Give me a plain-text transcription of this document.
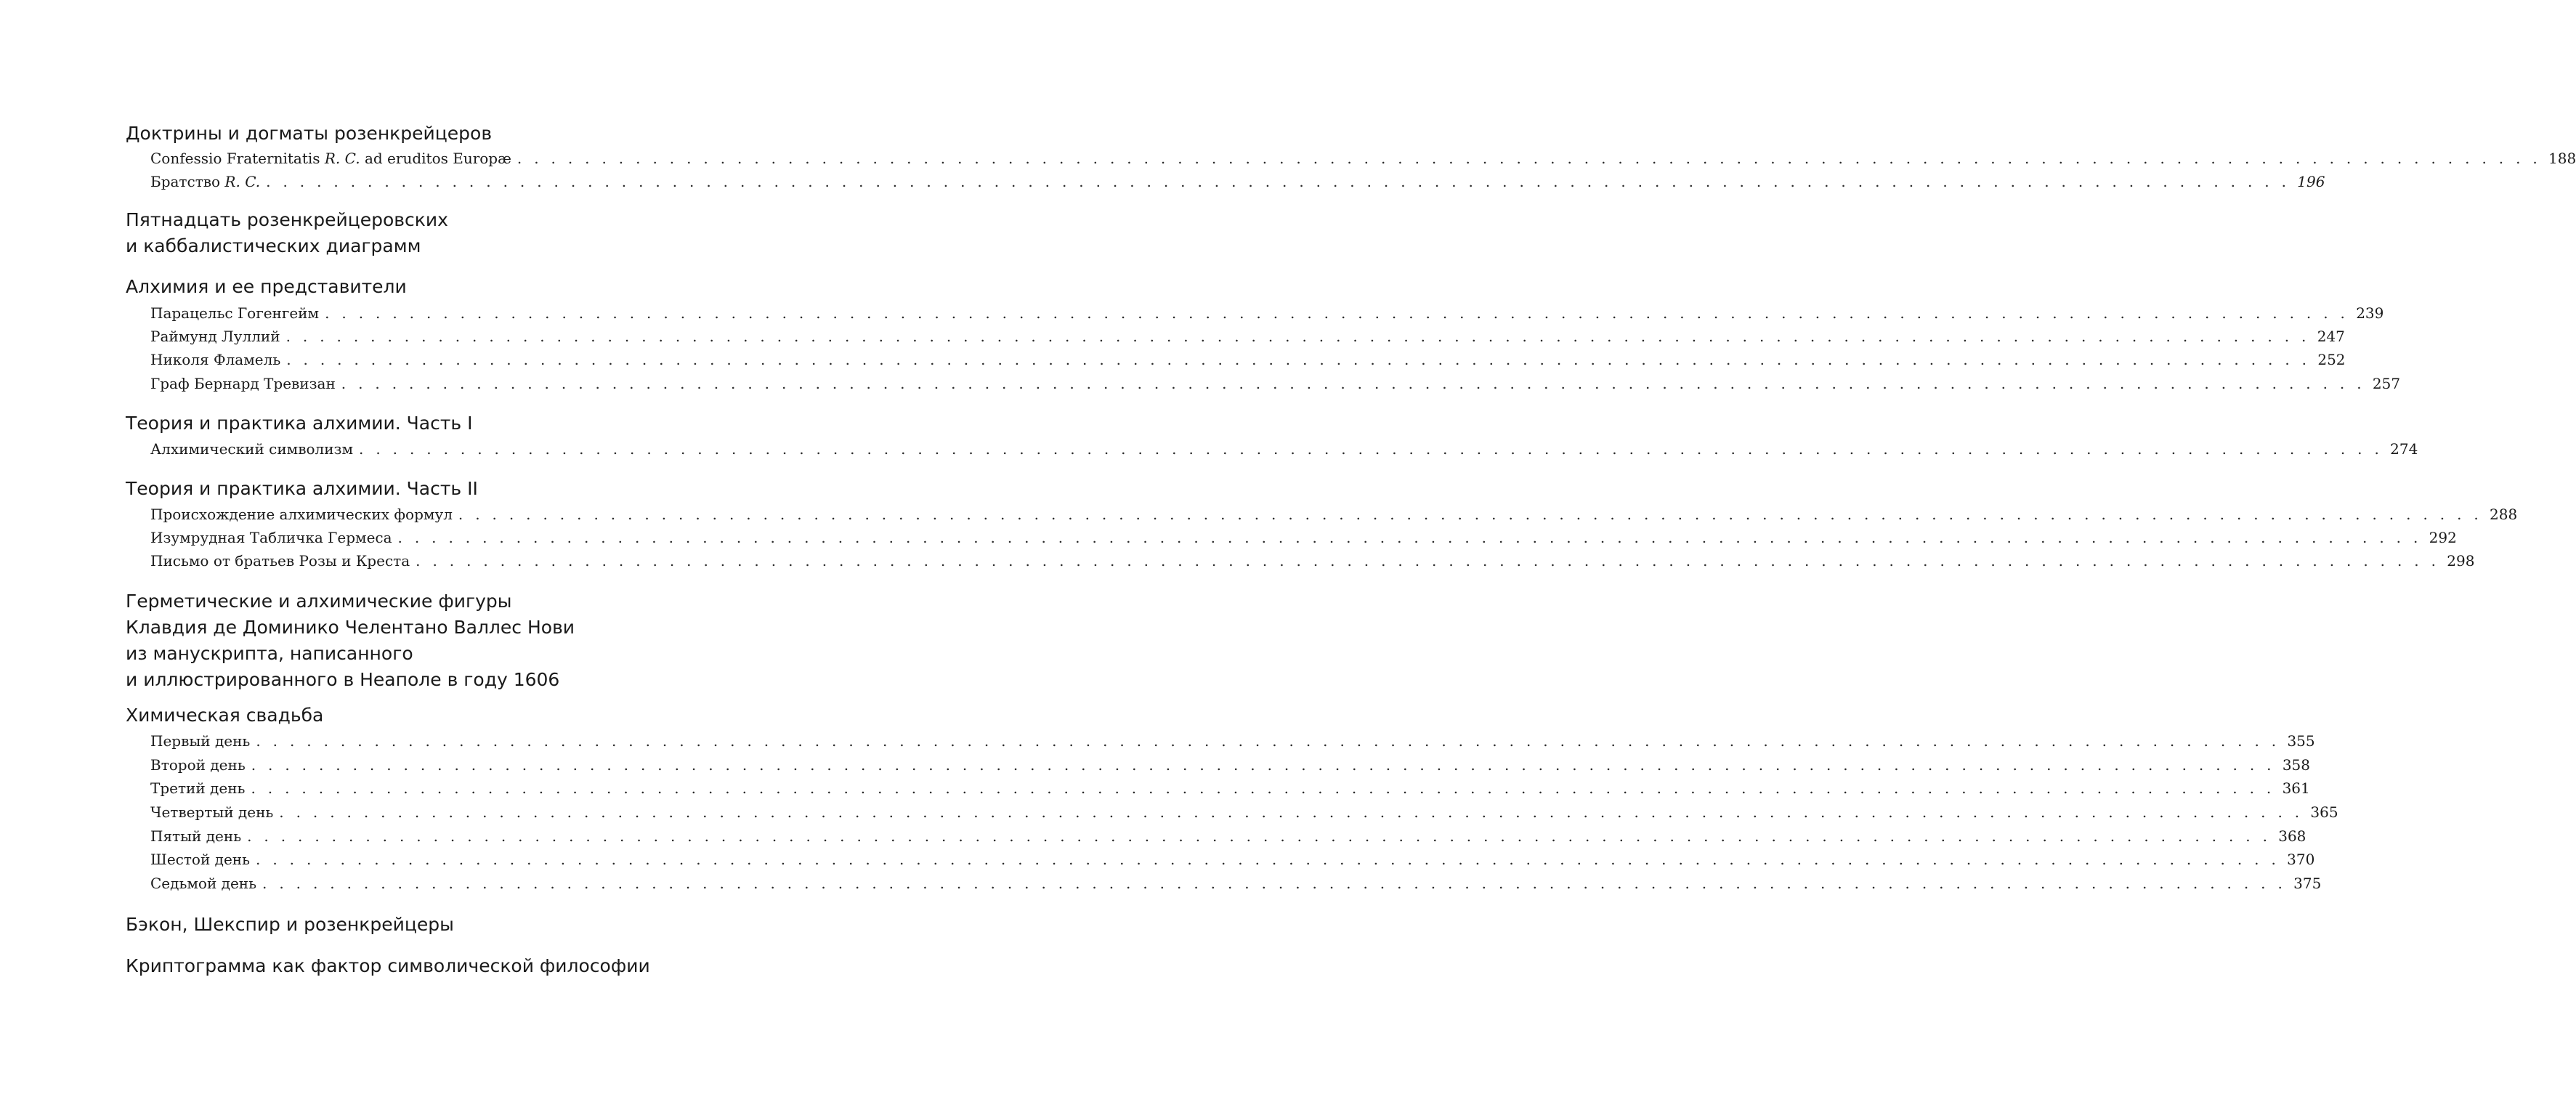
Доктрины и догматы розенкрейцеров
Confessio Fraternitatis R. C. ad eruditos Europæ . . . . . . . . . . . . . . . . . . . . . . . . . . . . . . . . . . . . . . . . . . . . . . . . . . . . . . . . . . . . . . . . . . . . . . . . . . . . . . . . . . . . . . . . . . . . . . . . . . . . . . . . . . . . . . . . . . . . . . . . 188
Братство R. C. . . . . . . . . . . . . . . . . . . . . . . . . . . . . . . . . . . . . . . . . . . . . . . . . . . . . . . . . . . . . . . . . . . . . . . . . . . . . . . . . . . . . . . . . . . . . . . . . . . . . . . . . . . . . . . . . . . . . . . . . 196
Пятнадцать розенкрейцеровских
и каббалистических диаграмм
Алхимия и ее представители
Парацельс Гогенгейм . . . . . . . . . . . . . . . . . . . . . . . . . . . . . . . . . . . . . . . . . . . . . . . . . . . . . . . . . . . . . . . . . . . . . . . . . . . . . . . . . . . . . . . . . . . . . . . . . . . . . . . . . . . . . . . . . . . . . . . . 239
Раймунд Луллий . . . . . . . . . . . . . . . . . . . . . . . . . . . . . . . . . . . . . . . . . . . . . . . . . . . . . . . . . . . . . . . . . . . . . . . . . . . . . . . . . . . . . . . . . . . . . . . . . . . . . . . . . . . . . . . . . . . . . . . . 247
Николя Фламель . . . . . . . . . . . . . . . . . . . . . . . . . . . . . . . . . . . . . . . . . . . . . . . . . . . . . . . . . . . . . . . . . . . . . . . . . . . . . . . . . . . . . . . . . . . . . . . . . . . . . . . . . . . . . . . . . . . . . . . . 252
Граф Бернард Тревизан . . . . . . . . . . . . . . . . . . . . . . . . . . . . . . . . . . . . . . . . . . . . . . . . . . . . . . . . . . . . . . . . . . . . . . . . . . . . . . . . . . . . . . . . . . . . . . . . . . . . . . . . . . . . . . . . . . . . . . . . 257
Теория и практика алхимии. Часть I
Алхимический символизм . . . . . . . . . . . . . . . . . . . . . . . . . . . . . . . . . . . . . . . . . . . . . . . . . . . . . . . . . . . . . . . . . . . . . . . . . . . . . . . . . . . . . . . . . . . . . . . . . . . . . . . . . . . . . . . . . . . . . . . . 274
Теория и практика алхимии. Часть II
Происхождение алхимических формул . . . . . . . . . . . . . . . . . . . . . . . . . . . . . . . . . . . . . . . . . . . . . . . . . . . . . . . . . . . . . . . . . . . . . . . . . . . . . . . . . . . . . . . . . . . . . . . . . . . . . . . . . . . . . . . . . . . . . . . . 288
Изумрудная Табличка Гермеса . . . . . . . . . . . . . . . . . . . . . . . . . . . . . . . . . . . . . . . . . . . . . . . . . . . . . . . . . . . . . . . . . . . . . . . . . . . . . . . . . . . . . . . . . . . . . . . . . . . . . . . . . . . . . . . . . . . . . . . . 292
Письмо от братьев Розы и Креста . . . . . . . . . . . . . . . . . . . . . . . . . . . . . . . . . . . . . . . . . . . . . . . . . . . . . . . . . . . . . . . . . . . . . . . . . . . . . . . . . . . . . . . . . . . . . . . . . . . . . . . . . . . . . . . . . . . . . . . . 298
Герметические и алхимические фигуры
Клавдия де Доминико Челентано Валлес Нови
из манускрипта, написанного
и иллюстрированного в Неаполе в году 1606
Химическая свадьба
Первый день . . . . . . . . . . . . . . . . . . . . . . . . . . . . . . . . . . . . . . . . . . . . . . . . . . . . . . . . . . . . . . . . . . . . . . . . . . . . . . . . . . . . . . . . . . . . . . . . . . . . . . . . . . . . . . . . . . . . . . . . 355
Второй день . . . . . . . . . . . . . . . . . . . . . . . . . . . . . . . . . . . . . . . . . . . . . . . . . . . . . . . . . . . . . . . . . . . . . . . . . . . . . . . . . . . . . . . . . . . . . . . . . . . . . . . . . . . . . . . . . . . . . . . . 358
Третий день . . . . . . . . . . . . . . . . . . . . . . . . . . . . . . . . . . . . . . . . . . . . . . . . . . . . . . . . . . . . . . . . . . . . . . . . . . . . . . . . . . . . . . . . . . . . . . . . . . . . . . . . . . . . . . . . . . . . . . . . 361
Четвертый день . . . . . . . . . . . . . . . . . . . . . . . . . . . . . . . . . . . . . . . . . . . . . . . . . . . . . . . . . . . . . . . . . . . . . . . . . . . . . . . . . . . . . . . . . . . . . . . . . . . . . . . . . . . . . . . . . . . . . . . . 365
Пятый день . . . . . . . . . . . . . . . . . . . . . . . . . . . . . . . . . . . . . . . . . . . . . . . . . . . . . . . . . . . . . . . . . . . . . . . . . . . . . . . . . . . . . . . . . . . . . . . . . . . . . . . . . . . . . . . . . . . . . . . . 368
Шестой день . . . . . . . . . . . . . . . . . . . . . . . . . . . . . . . . . . . . . . . . . . . . . . . . . . . . . . . . . . . . . . . . . . . . . . . . . . . . . . . . . . . . . . . . . . . . . . . . . . . . . . . . . . . . . . . . . . . . . . . . 370
Седьмой день . . . . . . . . . . . . . . . . . . . . . . . . . . . . . . . . . . . . . . . . . . . . . . . . . . . . . . . . . . . . . . . . . . . . . . . . . . . . . . . . . . . . . . . . . . . . . . . . . . . . . . . . . . . . . . . . . . . . . . . . 375
Бэкон, Шекспир и розенкрейцеры
Криптограмма как фактор символической философии
